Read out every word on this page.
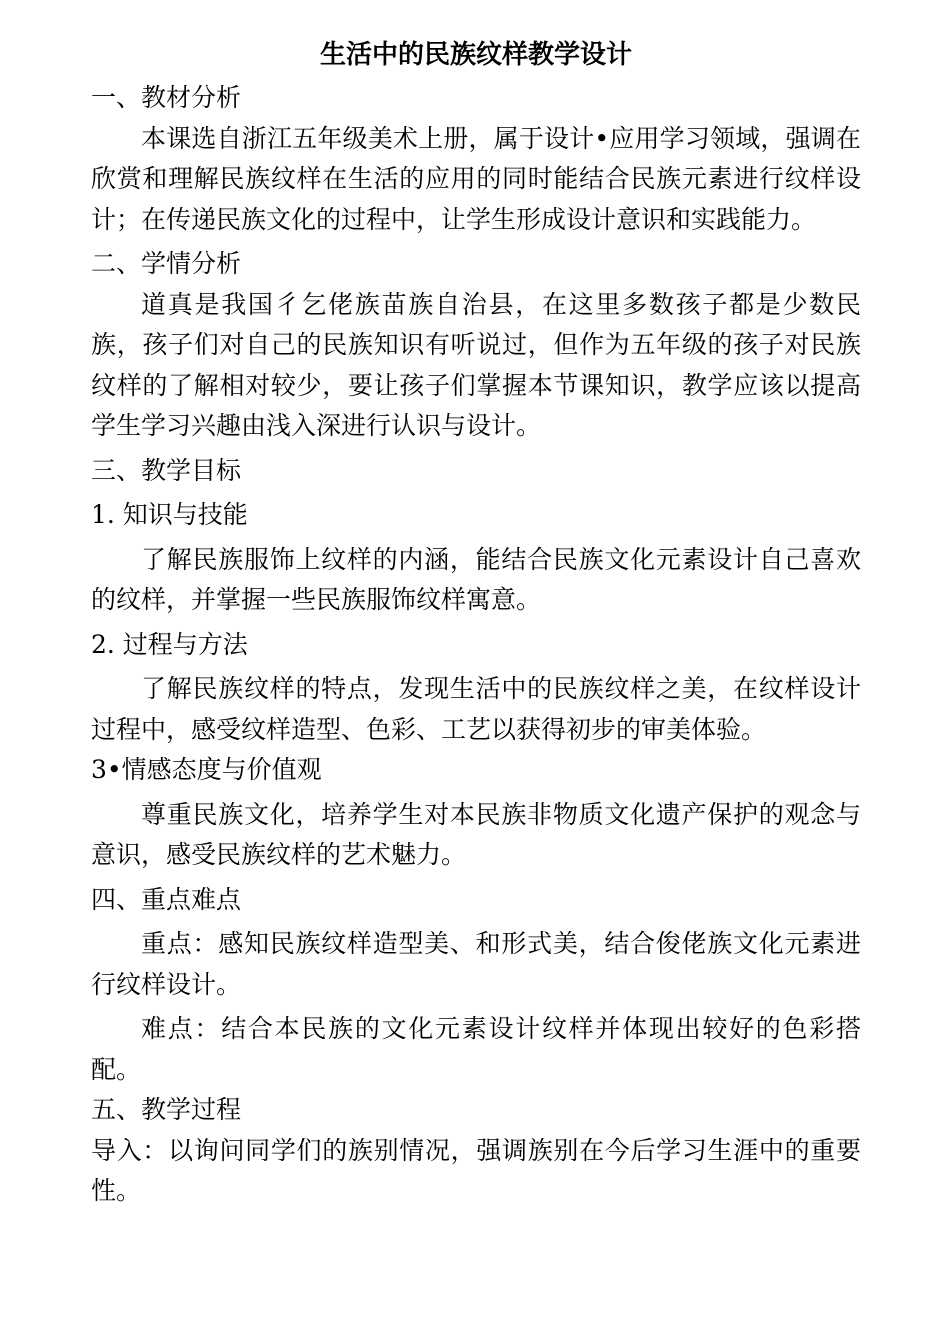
生活中的民族纹样教学设计

一、教材分析

本课选自浙江五年级美术上册，属于设计•应用学习领域，强调在欣赏和理解民族纹样在生活的应用的同时能结合民族元素进行纹样设计；在传递民族文化的过程中，让学生形成设计意识和实践能力。

二、学情分析

道真是我国彳乞佬族苗族自治县，在这里多数孩子都是少数民族，孩子们对自己的民族知识有听说过，但作为五年级的孩子对民族纹样的了解相对较少，要让孩子们掌握本节课知识，教学应该以提高学生学习兴趣由浅入深进行认识与设计。

三、教学目标

1. 知识与技能

了解民族服饰上纹样的内涵，能结合民族文化元素设计自己喜欢的纹样，并掌握一些民族服饰纹样寓意。

2. 过程与方法

了解民族纹样的特点，发现生活中的民族纹样之美，在纹样设计过程中，感受纹样造型、色彩、工艺以获得初步的审美体验。

3•情感态度与价值观

尊重民族文化，培养学生对本民族非物质文化遗产保护的观念与意识，感受民族纹样的艺术魅力。

四、重点难点

重点：感知民族纹样造型美、和形式美，结合俊佬族文化元素进行纹样设计。

难点：结合本民族的文化元素设计纹样并体现出较好的色彩搭配。

五、教学过程

导入：以询问同学们的族别情况，强调族别在今后学习生涯中的重要性。
